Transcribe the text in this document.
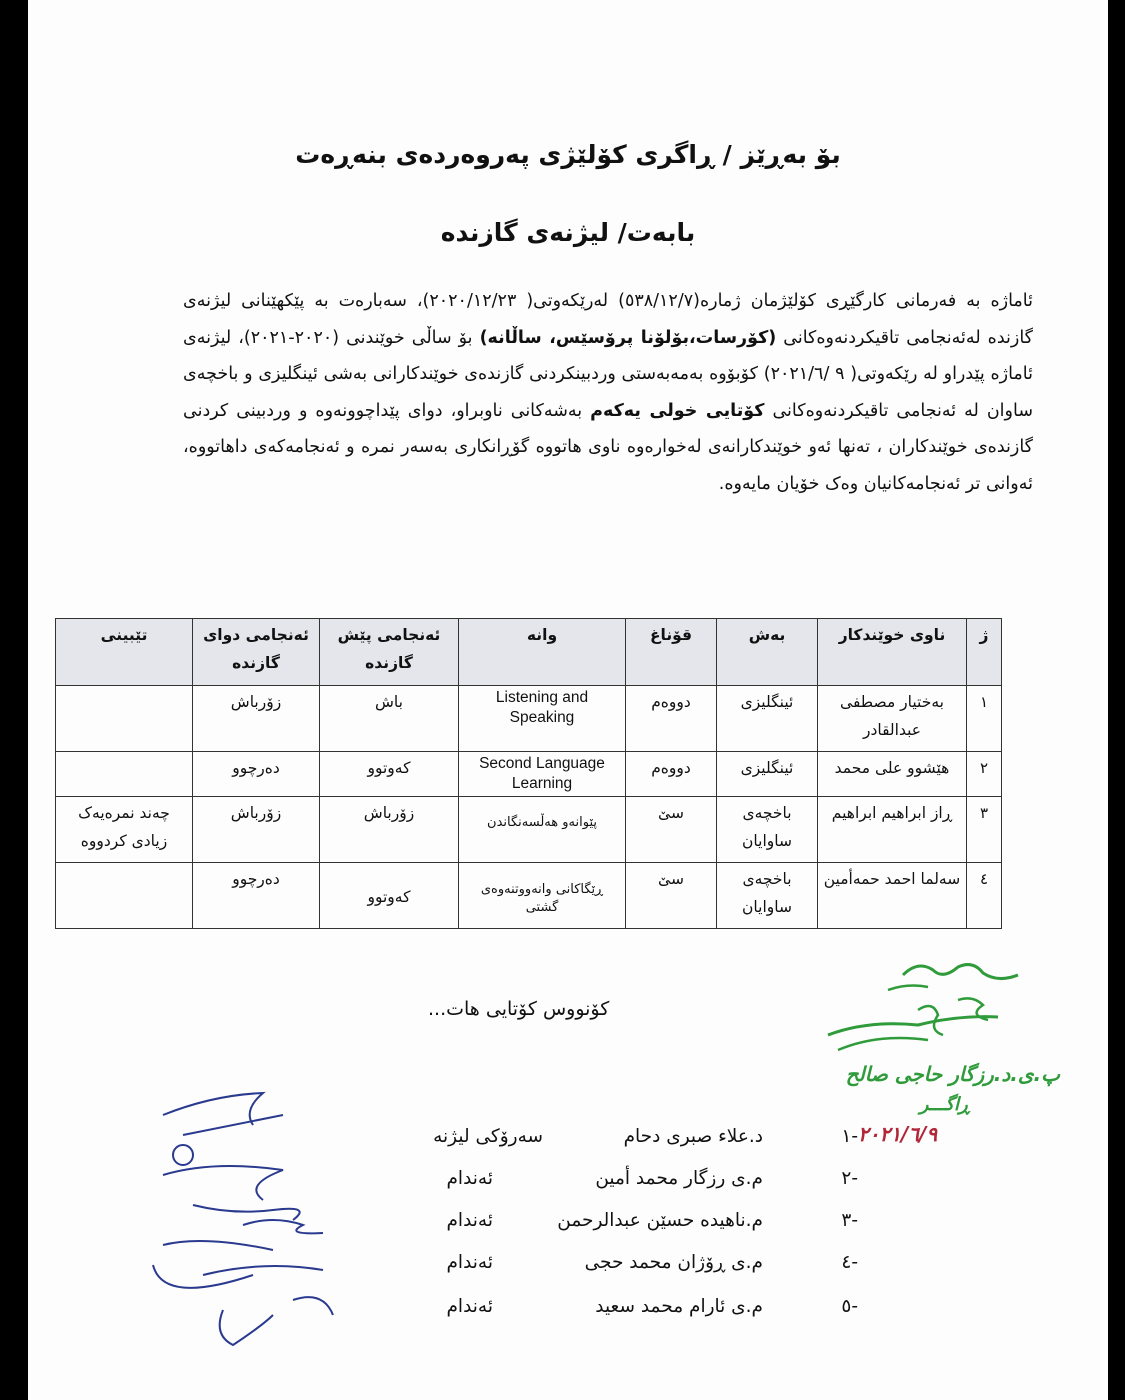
بۆ بەڕێز / ڕاگری کۆلێژی پەروەردەی بنەڕەت
بابەت/ لیژنەی گازندە
ئاماژە بە فەرمانی کارگێڕی کۆلێژمان ژمارە(٥٣٨/١٢/٧) لەرێکەوتی( ٢٠٢٠/١٢/٢٣)، سەبارەت بە پێکهێنانی لیژنەی گازندە لەئەنجامی تاقیکردنەوەکانی (كۆرسات،بۆلۆنا پرۆسێس، ساڵانە) بۆ ساڵی خوێندنی (٢٠٢٠-٢٠٢١)، لیژنەی ئاماژە پێدراو لە رێکەوتی( ٩ /٢٠٢١/٦) کۆبۆوە بەمەبەستی وردبینکردنی گازندەی خوێندکارانی بەشی ئینگلیزی و باخچەی ساوان لە ئەنجامی تاقیکردنەوەکانی کۆتایی خولی یەکەم بەشەکانی ناوبراو، دوای پێداچوونەوە و وردبینی کردنی گازندەی خوێندکاران ، تەنها ئەو خوێندکارانەی لەخوارەوە ناوی هاتووە گۆڕانکاری بەسەر نمرە و ئەنجامەکەی داهاتووە، ئەوانی تر ئەنجامەکانیان وەک خۆیان مایەوە.
ژ	ناوی خوێندکار	بەش	قۆناغ	وانە	ئەنجامی پێش گازندە	ئەنجامی دوای گازندە	تێبینی
١	بەختیار مصطفی عبدالقادر	ئینگلیزی	دووەم	Listening and Speaking	باش	زۆرباش	
٢	هێشوو علی محمد	ئینگلیزی	دووەم	Second Language Learning	کەوتوو	دەرچوو	
٣	ڕاز ابراهیم ابراهیم	باخچەی ساوایان	سێ	پێوانەو هەڵسەنگاندن	زۆرباش	زۆرباش	چەند نمرەیەک زیادی کردووە
٤	سەلما احمد حمەأمین	باخچەی ساوایان	سێ	ڕێگاکانی وانەووتنەوەی گشتی	کەوتوو	دەرچوو	
کۆنووس کۆتایی هات...
-١
د.علاء صبری دحام
سەرۆکی لیژنە
-٢
م.ی رزگار محمد أمین
ئەندام
-٣
م.ناهیدە حسێن عبدالرحمن
ئەندام
-٤
م.ی ڕۆژان محمد حجی
ئەندام
-٥
م.ی ئارام محمد سعید
ئەندام
پ.ی.د.رزگار حاجی صالح
ڕاگـــر
٢٠٢١/٦/٩
